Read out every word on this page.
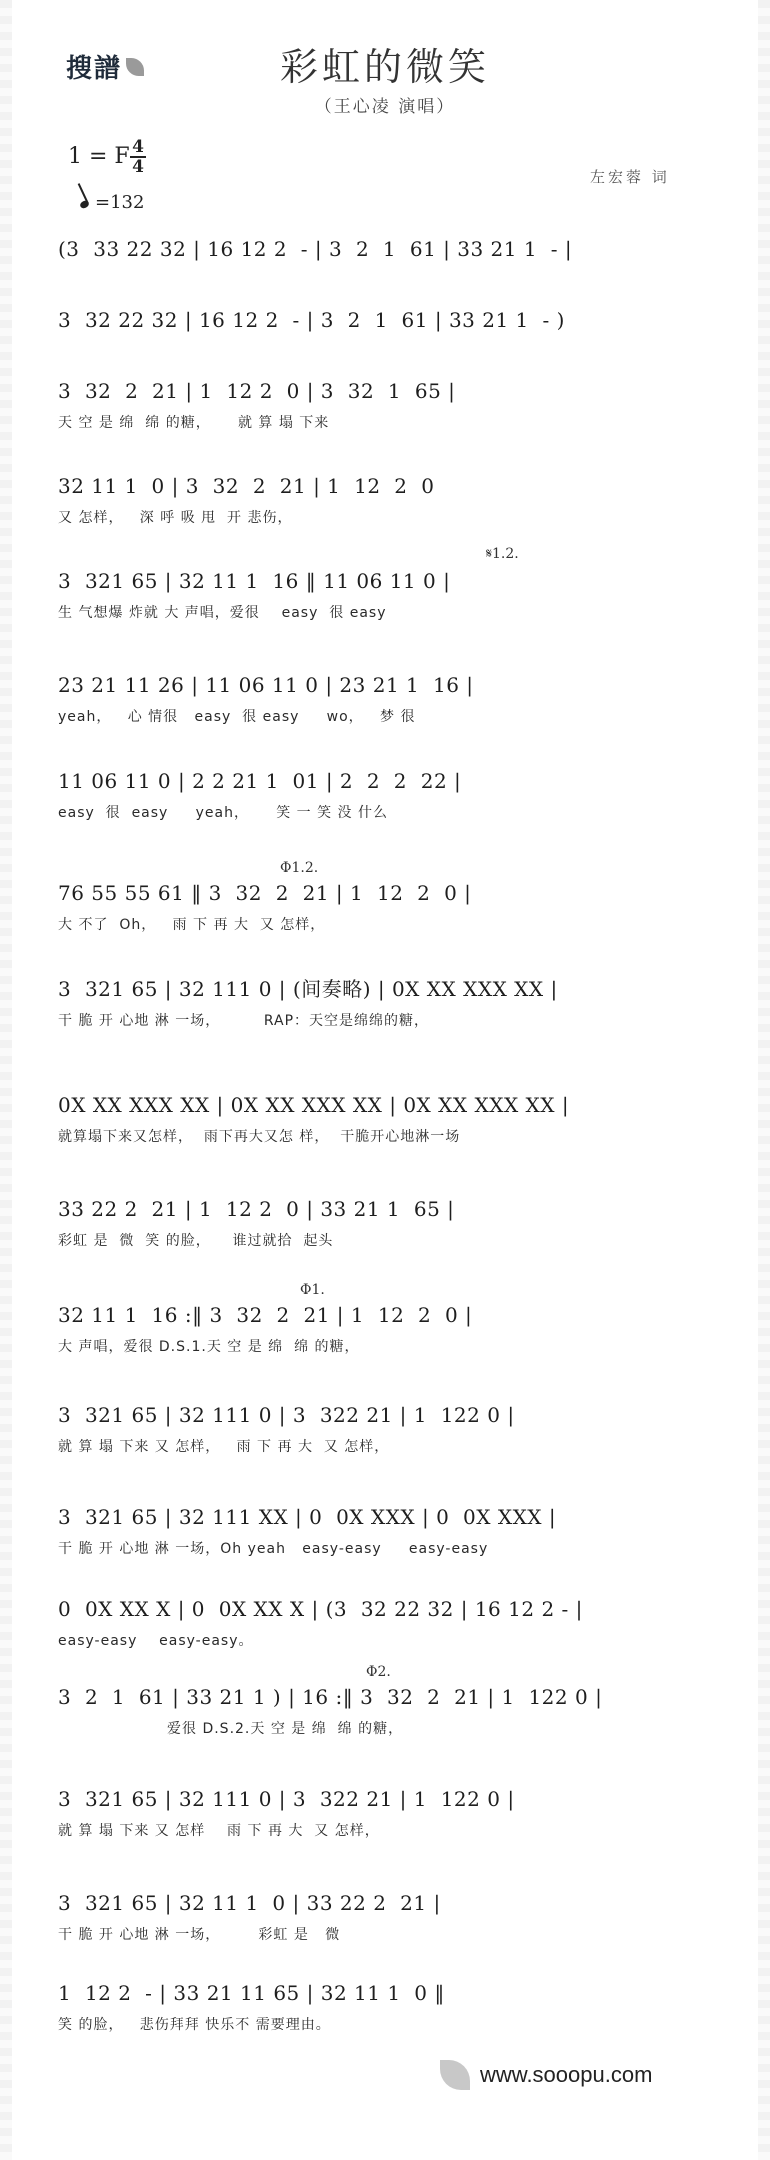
搜譜	彩虹的微笑
（王心凌 演唱）
1 = F 4
4
=132
左宏蓉 词
(3  33 22 32 | 16 12 2  - | 3  2  1  61 | 33 21 1  - |
3  32 22 32 | 16 12 2  - | 3  2  1  61 | 33 21 1  - )
3  32  2  21 | 1  12 2  0 | 3  32  1  65 |
天 空 是 绵  绵 的糖，     就 算 塌 下来
32 11 1  0 | 3  32  2  21 | 1  12  2  0
又 怎样，   深 呼 吸 甩  开 悲伤，
3  321 65 | 32 11 1  16 ‖ 11 06 11 0 |
生 气想爆 炸就 大 声唱，爱很    easy  很 easy
23 21 11 26 | 11 06 11 0 | 23 21 1  16 |
yeah，   心 情很   easy  很 easy     wo，   梦 很
11 06 11 0 | 2 2 21 1  01 | 2  2  2  22 |
easy  很  easy     yeah，     笑 一 笑 没 什么
76 55 55 61 ‖ 3  32  2  21 | 1  12  2  0 |
大 不了  Oh，   雨 下 再 大  又 怎样，
3  321 65 | 32 111 0 | (间奏略) | 0X XX XXX XX |
干 脆 开 心地 淋 一场，        RAP：天空是绵绵的糖，
0X XX XXX XX | 0X XX XXX XX | 0X XX XXX XX |
就算塌下来又怎样，  雨下再大又怎 样，  干脆开心地淋一场
33 22 2  21 | 1  12 2  0 | 33 21 1  65 |
彩虹 是  微  笑 的脸，    谁过就拾  起头
32 11 1  16 :‖ 3  32  2  21 | 1  12  2  0 |
大 声唱，爱很 D.S.1.天 空 是 绵  绵 的糖，
3  321 65 | 32 111 0 | 3  322 21 | 1  122 0 |
就 算 塌 下来 又 怎样，   雨 下 再 大  又 怎样，
3  321 65 | 32 111 XX | 0  0X XXX | 0  0X XXX |
干 脆 开 心地 淋 一场，Oh yeah   easy-easy     easy-easy
0  0X XX X | 0  0X XX X | (3  32 22 32 | 16 12 2 - |
easy-easy    easy-easy。
3  2  1  61 | 33 21 1 ) | 16 :‖ 3  32  2  21 | 1  122 0 |
爱很 D.S.2.天 空 是 绵  绵 的糖，
3  321 65 | 32 111 0 | 3  322 21 | 1  122 0 |
就 算 塌 下来 又 怎样    雨 下 再 大  又 怎样，
3  321 65 | 32 11 1  0 | 33 22 2  21 |
干 脆 开 心地 淋 一场，       彩虹 是   微
1  12 2  - | 33 21 11 65 | 32 11 1  0 ‖
笑 的脸，   悲伤拜拜 快乐不 需要理由。
𝄋1.2.
Φ1.2.
Φ1.
Φ2.
www.sooopu.com
